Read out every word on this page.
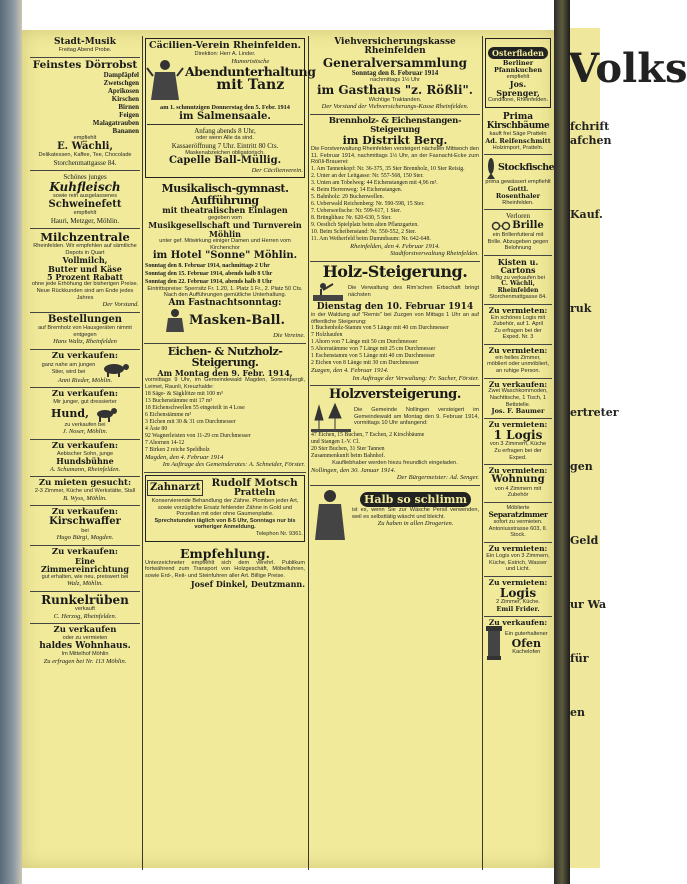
Volks
fchrift
afchen
Kauf.
ruk
ertreter
gen
Geld
ur Wa
für
en
Stadt-Musik
Freitag Abend Probe.
Feinstes Dörrobst
Dampfäpfel
Zwetschgen
Aprikosen
Kirschen
Birnen
Feigen
Malagatrauben
Bananen
empfiehlt
E. Wächli,
Delikatessen, Kaffee, Tee, Chocolade
Storchenmattgasse 84.
Schönes junges
Kuhfleisch
sowie rein ausgelassenes
Schweinefett
empfiehlt
Hauri, Metzger, Möhlin.
Milchzentrale
Rheinfelden. Wir empfehlen auf sämtliche Depots in Quart
Vollmilch,
Butter und Käse
5 Prozent Rabatt
ohne jede Erhöhung der bisherigen Preise. Neue Rückkunden sind am Ende jedes Jahres
Der Vorstand.
Bestellungen
auf Bremholz von Hausgeräten nimmt entgegen
Hans Waltz, Rheinfelden
Zu verkaufen:
ganz nahe am jungen Stier, wird bei
Anni Rieder, Möhlin.
Zu verkaufen:
Mir junger, gut dressierter
Hund,
zu verkaufen bei
J. Noser, Möhlin.
Zu verkaufen:
Aebischer Sohn, junge
Hundsbühne
A. Schumann, Rheinfelden.
Zu mieten gesucht:
2-3 Zimmer, Küche und Werkstätte, Stall
B. Wyss, Möhlin.
Zu verkaufen:
Kirschwaffer
bei
Hugo Bürgi, Magden.
Zu verkaufen:
Eine Zimmereinrichtung
gut erhalten, wie neu, preiswert bei
Walz, Möhlin.
Runkelrüben
verkauft
C. Herzog, Rheinfelden.
Zu verkaufen
oder zu vermieten
haldes Wohnhaus.
Im Mittelhof Möhlin
Zu erfragen bei Nr. 113 Möhlin.
Cäcilien-Verein Rheinfelden.
Direktion: Herr A. Linder.
Humoristische
Abendunterhaltung
mit Tanz
am 1. schmutzigen Donnerstag den 5. Febr. 1914
im Salmensaale.
Anfang abends 8 Uhr,
oder wenn Alle da sind.
Kassaeröffnung 7 Uhr. Eintritt 80 Cts.
Maskenabzeichen obligatorisch.
Capelle Ball-Müllig.
Der Cäcilienverein.
Musikalisch-gymnast. Aufführung
mit theatralischen Einlagen
gegeben vom
Musikgesellschaft und Turnverein Möhlin
unter gef. Mitwirkung einiger Damen und Herren vom Kirchenchor
im Hotel "Sonne" Möhlin.
Sonntag den 8. Februar 1914, nachmittags 2 Uhr
Sonntag den 15. Februar 1914, abends halb 8 Uhr
Sonntag den 22. Februar 1914, abends halb 8 Uhr
Eintrittspreise: Sperrsitz Fr. 1.20, 1. Platz 1 Fr., 2. Platz 50 Cts.
Nach den Aufführungen gemütliche Unterhaltung.
Am Fastnachtsonntag:
Masken-Ball.
Die Vereine.
Eichen- & Nutzholz-Steigerung.
Am Montag den 9. Febr. 1914,
vormittags 9 Uhr, im Gemeindewald Magden, Sonnenbergli, Leimet, Raunli, Kreuzhalde:
18 Säge- & Sägklötze mit 100 m³
13 Buchenstämme mit 17 m³
18 Eichenschwellen 55 eingeteilt in 4 Lose
6 Eichenstämme m³
3 Eichen mit 30 & 31 cm Durchmesser
4 Äste 80
92 Wagnerleisten von 11-29 cm Durchmesser
7 Ahornen 14-12
7 Birken 2 reiche Speldholz
Magden, den 4. Februar 1914
Im Auftrage des Gemeinderates: A. Schneider, Förster.
Zahnarzt	Rudolf Motsch
Pratteln
Konservierende Behandlung der Zähne. Plomben jeder Art, sowie vorzügliche Ersatz fehlender Zähne in Gold und Porzellan mit oder ohne Gaumenplatte.
Sprechstunden täglich von 8-5 Uhr, Sonntags nur bis vorheriger Anmeldung.
Telephon Nr. 9361.
Empfehlung.
Unterzeichneter empfiehlt sich dem verehrl. Publikum fortwährend zum Transport von Holzgeschäft, Möbelfuhren, sowie Erd-, Reit- und Steinfuhren aller Art. Billige Preise.
Josef Dinkel, Deutzmann.
Viehversicherungskasse Rheinfelden
Generalversammlung
Sonntag den 8. Februar 1914
nachmittags 1½ Uhr
im Gasthaus "z. Rößli".
Wichtige Traktanden.
Der Vorstand der Viehversicherungs-Kasse Rheinfelden.
Brennholz- & Eichenstangen-Steigerung
im Distrikt Berg.
Die Forstverwaltung Rheinfelden versteigert nächsten Mittwoch den 11. Februar 1914, nachmittags 1½ Uhr, an der Fasnacht-Ecke zum Rößli-Brauerei:
1. Am Tannenkopf: Nr. 36-375, 35 Ster Brennholz, 10 Ster Reisig.
2. Unter an der Leitgasse: Nr. 557-568, 150 Ster.
3. Unten am Tobelweg: 44 Eichenstangen mit 4,96 m³.
4. Beim Herrenweg: 14 Eichenstangen.
5. Bahnholz: 29 Buchenwellen.
6. Ueberwald Reichenberg: Nr. 590-598, 15 Ster.
7. Ueberseefische: Nr. 599-617, 1 Ster.
8. Brünglihau: Nr. 620-630, 5 Ster.
9. Oestlich Spielplatz beim alten Pflanzgarten.
10. Beim Scheibenstand: Nr. 550-552, 2 Ster.
11. Am Weiherfeld beim Dummbaum: Nr. 642-648.
Rheinfelden, den 4. Februar 1914.
Stadtforstverwaltung Rheinfelden.
Holz-Steigerung.
Die Verwaltung des Rim'schen Erbschaft bringt nächsten
Dienstag den 10. Februar 1914
in der Waldung auf "Remis" bei Zuzgen von Mittags 1 Uhr an auf öffentliche Steigerung:
1 Buchenholz-Stamm von 5 Länge mit 40 cm Durchmesser
7 Holzhaufen
1 Ahorn von 7 Länge mit 50 cm Durchmesser
5 Ahornstämme von 7 Länge mit 25 cm Durchmesser
1 Eschenstamm von 5 Länge mit 40 cm Durchmesser
2 Eichen von 8 Länge mit 30 cm Durchmesser
Zuzgen, den 4. Februar 1914.
Im Auftrage der Verwaltung: Fr. Sacher, Förster.
Holzversteigerung.
Die Gemeinde Nollingen versteigert im Gemeindewald am Montag den 9. Februar 1914, vormittags 10 Uhr anfangend:
47 Eichen, 15 Buchen, 7 Eschen, 2 Kirschbäume
und Stangen I.-V. Cl.
20 Ster Buchen, 31 Ster Tannen
Zusammenkunft beim Bahnhof.
Kaufliebhaber werden hiezu freundlich eingeladen.
Nollingen, den 30. Januar 1914.
Der Bürgermeister: Ad. Senger.
Halb so schlimm
ist es, wenn Sie zur Wäsche Persil verwenden, weil es selbsttätig wäscht und bleicht.
Zu haben in allen Drogerien.
Osterfladen
Berliner Pfannkuchen
empfiehlt
Jos. Sprenger,
Conditorei, Rheinfelden.
Prima
Kirschbäume
kauft frei Säge Pratteln
Ad. Reifenschmitt
Holzimport, Pratteln.
Stockfische
prima gewässert empfiehlt
Gottl. Rosenthaler
Rheinfelden.
Verloren
Brille
ein Brillenfutteral mit Brille. Abzugeben gegen Belohnung
Kisten u. Cartons
billig zu verkaufen bei
C. Wächli, Rheinfelden
Storchenmattgasse 84.
Zu vermieten:
Ein schönes Logis mit Zubehör, auf 1. April
Zu erfragen bei der Exped. Nr. 3
Zu vermieten:
ein helles Zimmer, möbliert oder unmöbliert, an ruhige Person.
Zu verkaufen:
Zwei Waschkommoden, Nachttische, 1 Tisch, 1 Bettstelle.
Jos. F. Baumer
Zu vermieten:
1 Logis
von 3 Zimmern, Küche
Zu erfragen bei der Exped.
Zu vermieten:
Wohnung
von 4 Zimmern mit Zubehör
Möblierte
Separatzimmer
sofort zu vermieten.
Antoniusstrasse 603, II. Stock.
Zu vermieten:
Ein Logis von 3 Zimmern, Küche, Estrich, Wasser und Licht.
Zu vermieten:
Logis
2 Zimmer, Küche.
Emil Frider.
Zu verkaufen:
Ein guterhaltener
Ofen
Kachelofen
